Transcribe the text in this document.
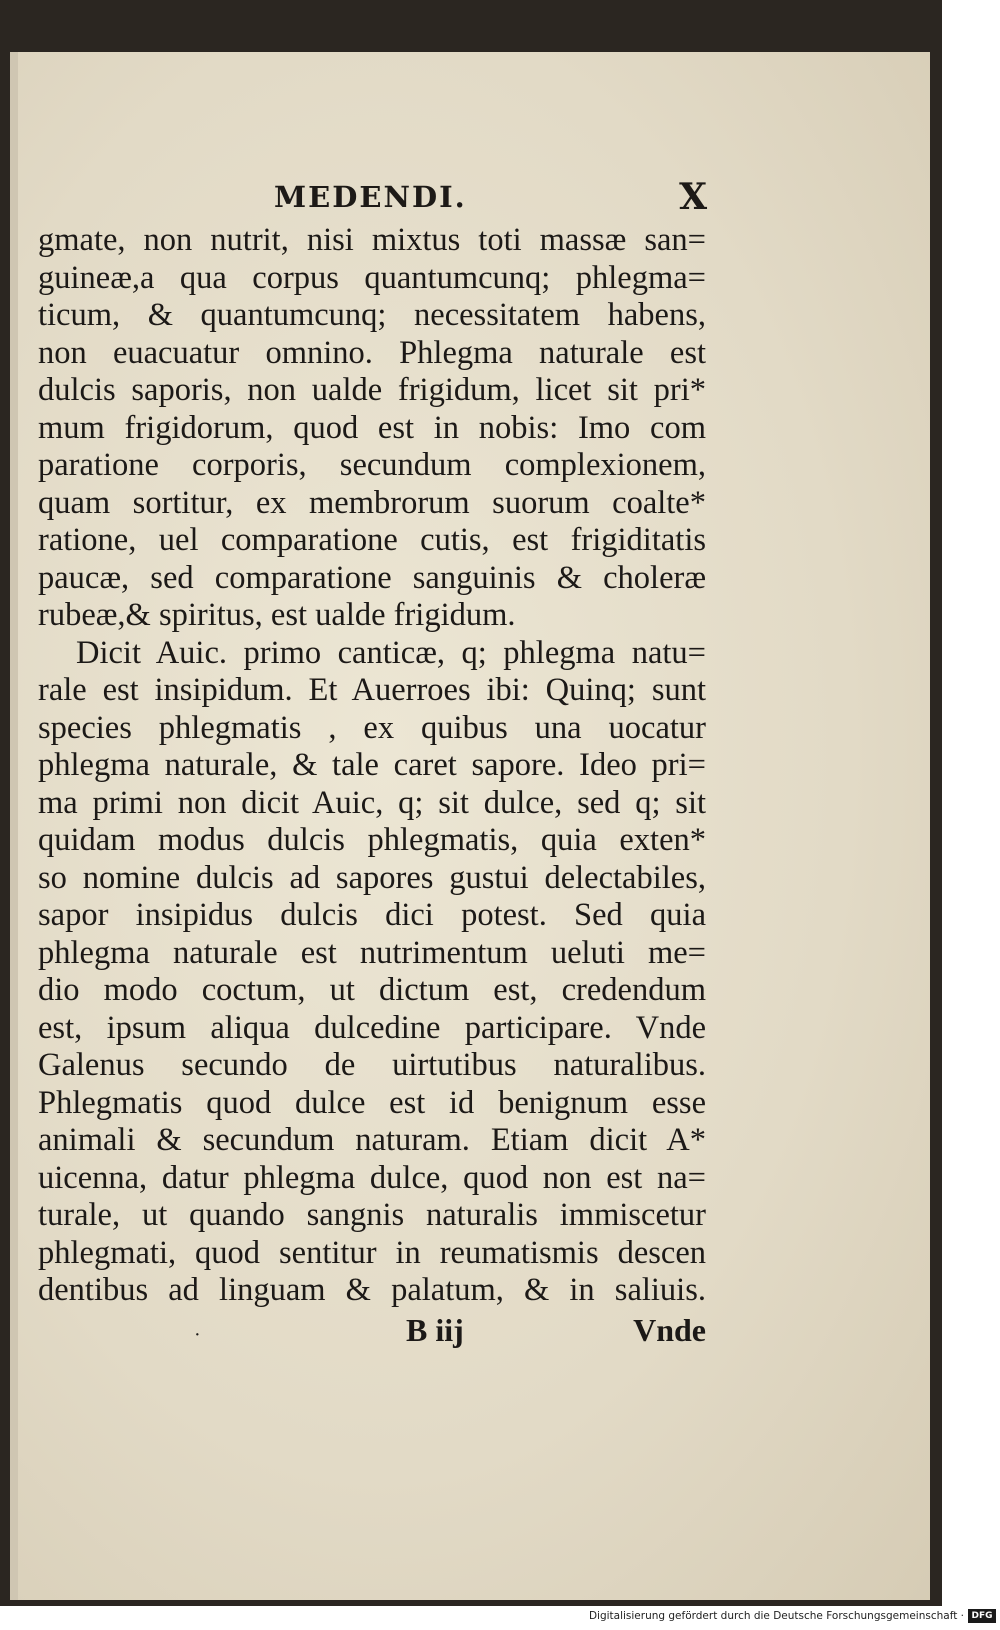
MEDENDI.	X
gmate, non nutrit, nisi mixtus toti massæ san=
guineæ,a qua corpus quantumcunq; phlegma=
ticum, & quantumcunq; necessitatem habens,
non euacuatur omnino. Phlegma naturale est
dulcis saporis, non ualde frigidum, licet sit pri*
mum frigidorum, quod est in nobis: Imo com
paratione corporis, secundum complexionem,
quam sortitur, ex membrorum suorum coalte*
ratione, uel comparatione cutis, est frigiditatis
paucæ, sed comparatione sanguinis & choleræ
rubeæ,& spiritus, est ualde frigidum.
Dicit Auic. primo canticæ, q; phlegma natu=
rale est insipidum. Et Auerroes ibi: Quinq; sunt
species phlegmatis , ex quibus una uocatur
phlegma naturale, & tale caret sapore. Ideo pri=
ma primi non dicit Auic, q; sit dulce, sed q; sit
quidam modus dulcis phlegmatis, quia exten*
so nomine dulcis ad sapores gustui delectabiles,
sapor insipidus dulcis dici potest. Sed quia
phlegma naturale est nutrimentum ueluti me=
dio modo coctum, ut dictum est, credendum
est, ipsum aliqua dulcedine participare. Vnde
Galenus secundo de uirtutibus naturalibus.
Phlegmatis quod dulce est id benignum esse
animali & secundum naturam. Etiam dicit A*
uicenna, datur phlegma dulce, quod non est na=
turale, ut quando sangnis naturalis immiscetur
phlegmati, quod sentitur in reumatismis descen
dentibus ad linguam & palatum, & in saliuis.
·	B iij	Vnde
Digitalisierung gefördert durch die Deutsche Forschungsgemeinschaft · DFG
